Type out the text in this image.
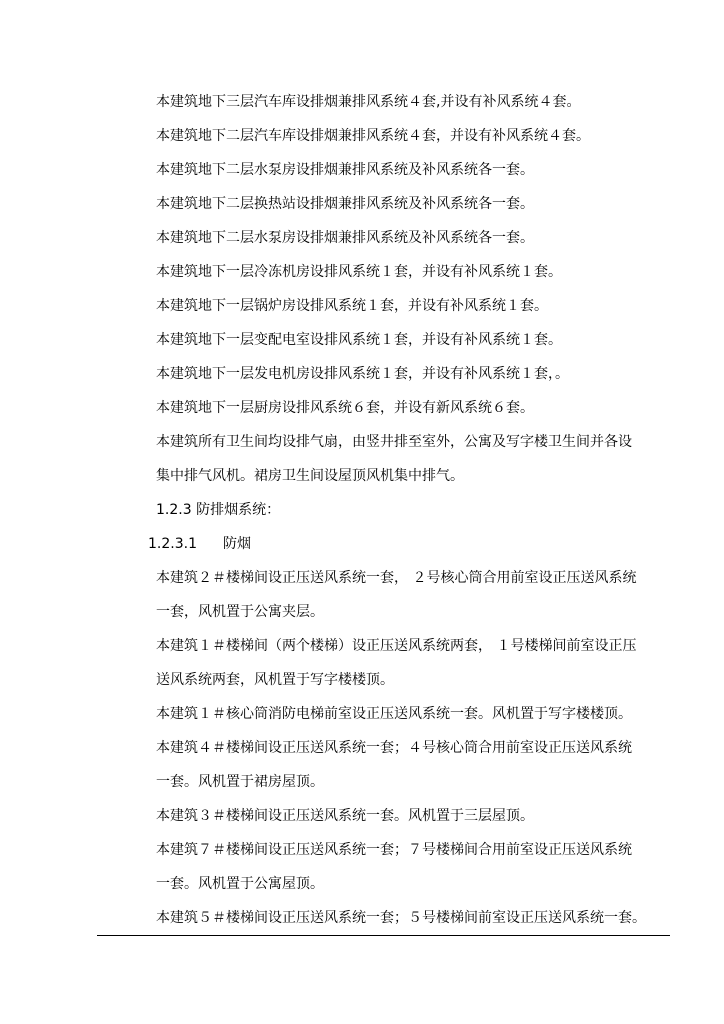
本建筑地下三层汽车库设排烟兼排风系统４套,并设有补风系统４套。
本建筑地下二层汽车库设排烟兼排风系统４套，并设有补风系统４套。
本建筑地下二层水泵房设排烟兼排风系统及补风系统各一套。
本建筑地下二层换热站设排烟兼排风系统及补风系统各一套。
本建筑地下二层水泵房设排烟兼排风系统及补风系统各一套。
本建筑地下一层冷冻机房设排风系统１套，并设有补风系统１套。
本建筑地下一层锅炉房设排风系统１套，并设有补风系统１套。
本建筑地下一层变配电室设排风系统１套，并设有补风系统１套。
本建筑地下一层发电机房设排风系统１套，并设有补风系统１套，。
本建筑地下一层厨房设排风系统６套，并设有新风系统６套。
本建筑所有卫生间均设排气扇，由竖井排至室外，公寓及写字楼卫生间并各设
集中排气风机。裙房卫生间设屋顶风机集中排气。
1.2.3 防排烟系统：
1.2.3.1 防烟
本建筑２＃楼梯间设正压送风系统一套， ２号核心筒合用前室设正压送风系统
一套，风机置于公寓夹层。
本建筑１＃楼梯间（两个楼梯）设正压送风系统两套， １号楼梯间前室设正压
送风系统两套，风机置于写字楼楼顶。
本建筑１＃核心筒消防电梯前室设正压送风系统一套。风机置于写字楼楼顶。
本建筑４＃楼梯间设正压送风系统一套；４号核心筒合用前室设正压送风系统
一套。风机置于裙房屋顶。
本建筑３＃楼梯间设正压送风系统一套。风机置于三层屋顶。
本建筑７＃楼梯间设正压送风系统一套；７号楼梯间合用前室设正压送风系统
一套。风机置于公寓屋顶。
本建筑５＃楼梯间设正压送风系统一套；５号楼梯间前室设正压送风系统一套。
